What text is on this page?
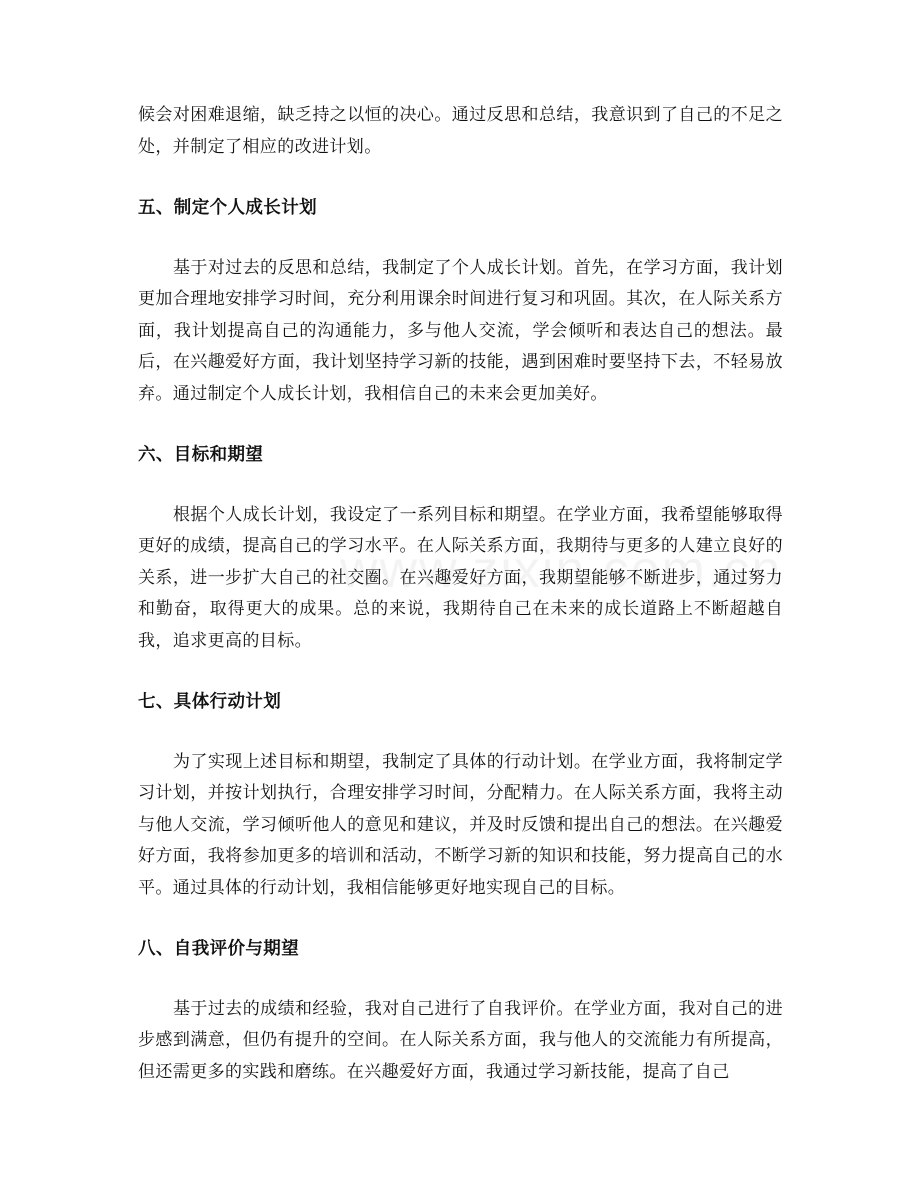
候会对困难退缩，缺乏持之以恒的决心。通过反思和总结，我意识到了自己的不足之处，并制定了相应的改进计划。

五、制定个人成长计划

基于对过去的反思和总结，我制定了个人成长计划。首先，在学习方面，我计划更加合理地安排学习时间，充分利用课余时间进行复习和巩固。其次，在人际关系方面，我计划提高自己的沟通能力，多与他人交流，学会倾听和表达自己的想法。最后，在兴趣爱好方面，我计划坚持学习新的技能，遇到困难时要坚持下去，不轻易放弃。通过制定个人成长计划，我相信自己的未来会更加美好。

六、目标和期望

根据个人成长计划，我设定了一系列目标和期望。在学业方面，我希望能够取得更好的成绩，提高自己的学习水平。在人际关系方面，我期待与更多的人建立良好的关系，进一步扩大自己的社交圈。在兴趣爱好方面，我期望能够不断进步，通过努力和勤奋，取得更大的成果。总的来说，我期待自己在未来的成长道路上不断超越自我，追求更高的目标。

七、具体行动计划

为了实现上述目标和期望，我制定了具体的行动计划。在学业方面，我将制定学习计划，并按计划执行，合理安排学习时间，分配精力。在人际关系方面，我将主动与他人交流，学习倾听他人的意见和建议，并及时反馈和提出自己的想法。在兴趣爱好方面，我将参加更多的培训和活动，不断学习新的知识和技能，努力提高自己的水平。通过具体的行动计划，我相信能够更好地实现自己的目标。

八、自我评价与期望

基于过去的成绩和经验，我对自己进行了自我评价。在学业方面，我对自己的进步感到满意，但仍有提升的空间。在人际关系方面，我与他人的交流能力有所提高，但还需更多的实践和磨练。在兴趣爱好方面，我通过学习新技能，提高了自己
